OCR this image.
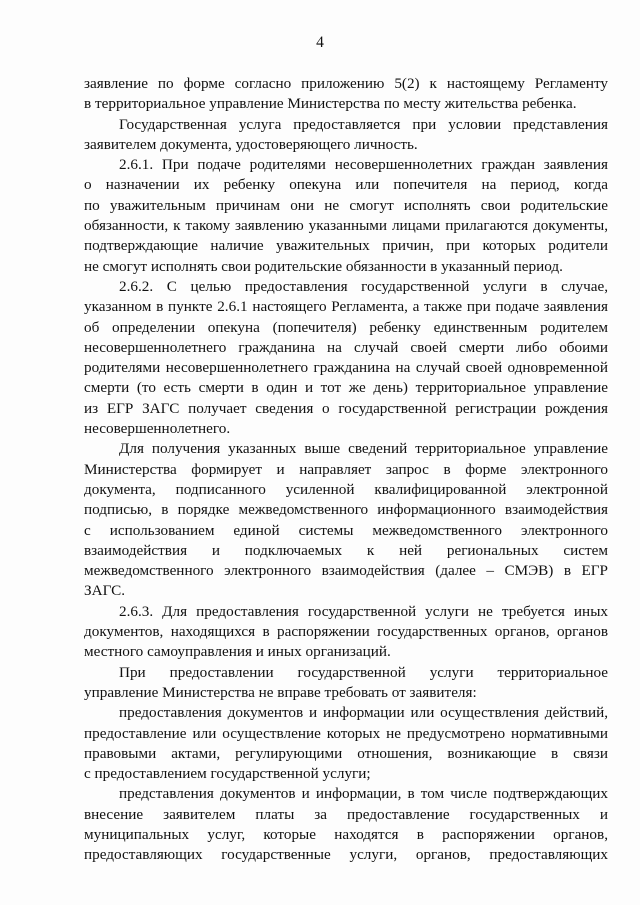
4
заявление по форме согласно приложению 5(2) к настоящему Регламенту
в территориальное управление Министерства по месту жительства ребенка.
Государственная услуга предоставляется при условии представления
заявителем документа, удостоверяющего личность.
2.6.1. При подаче родителями несовершеннолетних граждан заявления
о назначении их ребенку опекуна или попечителя на период, когда
по уважительным причинам они не смогут исполнять свои родительские
обязанности, к такому заявлению указанными лицами прилагаются документы,
подтверждающие наличие уважительных причин, при которых родители
не смогут исполнять свои родительские обязанности в указанный период.
2.6.2. С целью предоставления государственной услуги в случае,
указанном в пункте 2.6.1 настоящего Регламента, а также при подаче заявления
об определении опекуна (попечителя) ребенку единственным родителем
несовершеннолетнего гражданина на случай своей смерти либо обоими
родителями несовершеннолетнего гражданина на случай своей одновременной
смерти (то есть смерти в один и тот же день) территориальное управление
из ЕГР ЗАГС получает сведения о государственной регистрации рождения
несовершеннолетнего.
Для получения указанных выше сведений территориальное управление
Министерства формирует и направляет запрос в форме электронного
документа, подписанного усиленной квалифицированной электронной
подписью, в порядке межведомственного информационного взаимодействия
с использованием единой системы межведомственного электронного
взаимодействия и подключаемых к ней региональных систем
межведомственного электронного взаимодействия (далее – СМЭВ) в ЕГР
ЗАГС.
2.6.3. Для предоставления государственной услуги не требуется иных
документов, находящихся в распоряжении государственных органов, органов
местного самоуправления и иных организаций.
При предоставлении государственной услуги территориальное
управление Министерства не вправе требовать от заявителя:
предоставления документов и информации или осуществления действий,
предоставление или осуществление которых не предусмотрено нормативными
правовыми актами, регулирующими отношения, возникающие в связи
с предоставлением государственной услуги;
представления документов и информации, в том числе подтверждающих
внесение заявителем платы за предоставление государственных и
муниципальных услуг, которые находятся в распоряжении органов,
предоставляющих государственные услуги, органов, предоставляющих
